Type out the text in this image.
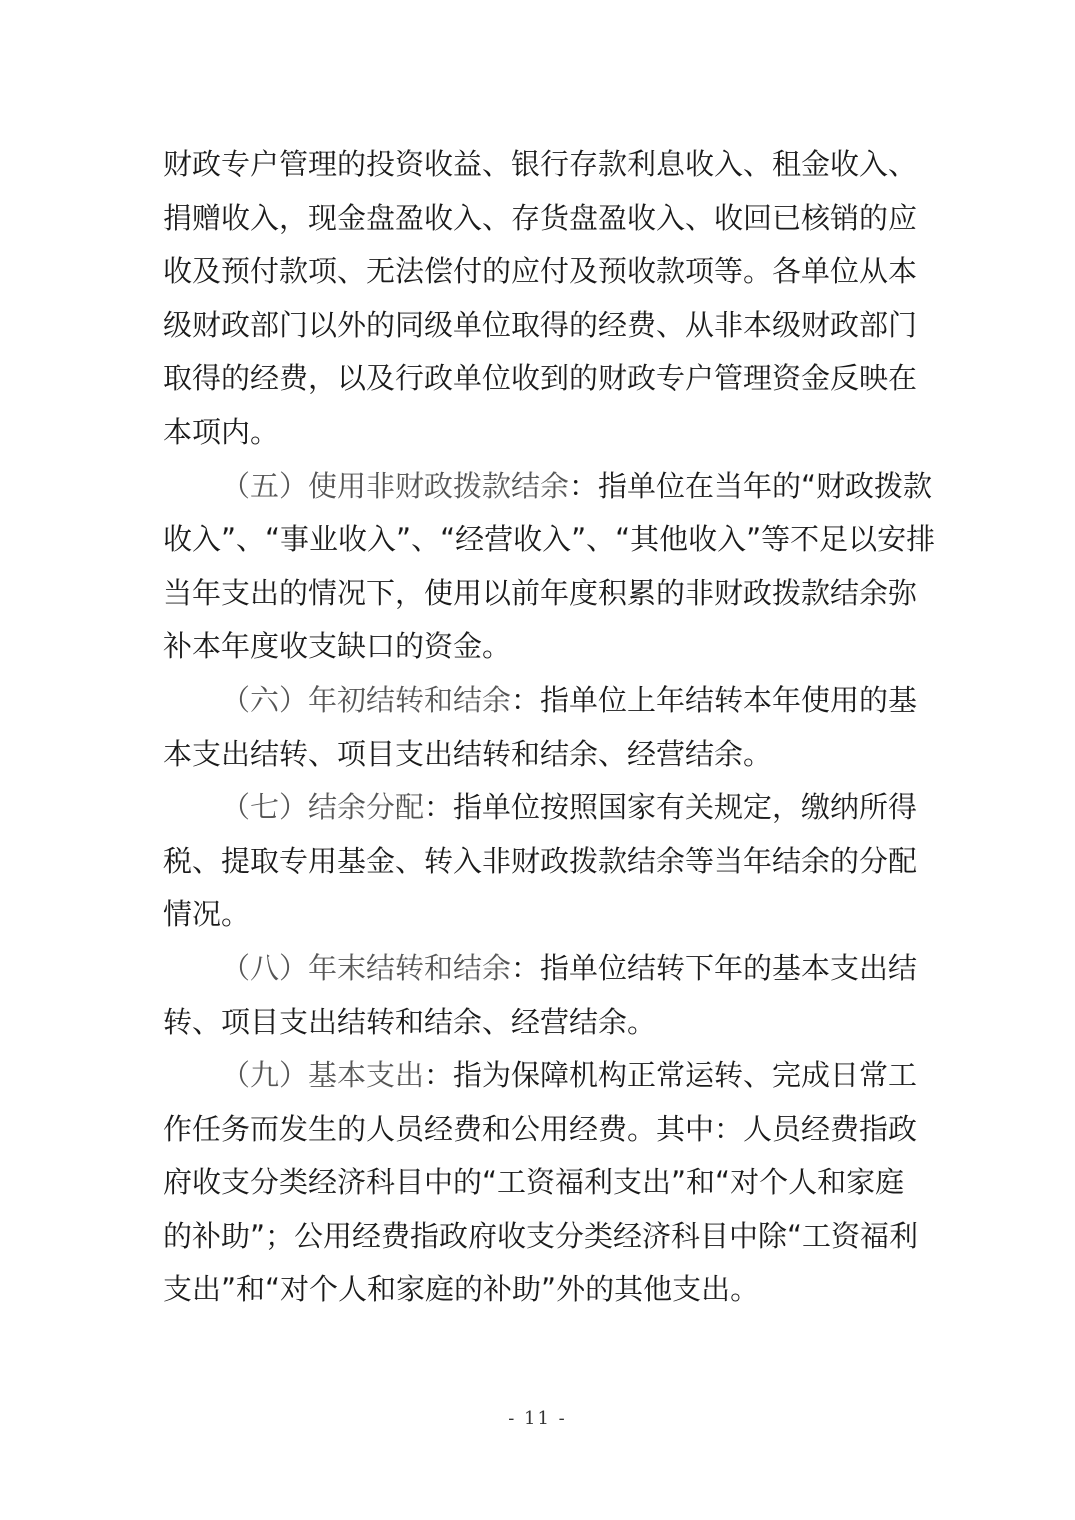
财政专户管理的投资收益、银行存款利息收入、租金收入、
捐赠收入，现金盘盈收入、存货盘盈收入、收回已核销的应
收及预付款项、无法偿付的应付及预收款项等。各单位从本
级财政部门以外的同级单位取得的经费、从非本级财政部门
取得的经费，以及行政单位收到的财政专户管理资金反映在
本项内。
（五）使用非财政拨款结余：指单位在当年的“财政拨款
收入”、“事业收入”、“经营收入”、“其他收入”等不足以安排
当年支出的情况下，使用以前年度积累的非财政拨款结余弥
补本年度收支缺口的资金。
（六）年初结转和结余：指单位上年结转本年使用的基
本支出结转、项目支出结转和结余、经营结余。
（七）结余分配：指单位按照国家有关规定，缴纳所得
税、提取专用基金、转入非财政拨款结余等当年结余的分配
情况。
（八）年末结转和结余：指单位结转下年的基本支出结
转、项目支出结转和结余、经营结余。
（九）基本支出：指为保障机构正常运转、完成日常工
作任务而发生的人员经费和公用经费。其中：人员经费指政
府收支分类经济科目中的“工资福利支出”和“对个人和家庭
的补助”；公用经费指政府收支分类经济科目中除“工资福利
支出”和“对个人和家庭的补助”外的其他支出。
- 11 -
